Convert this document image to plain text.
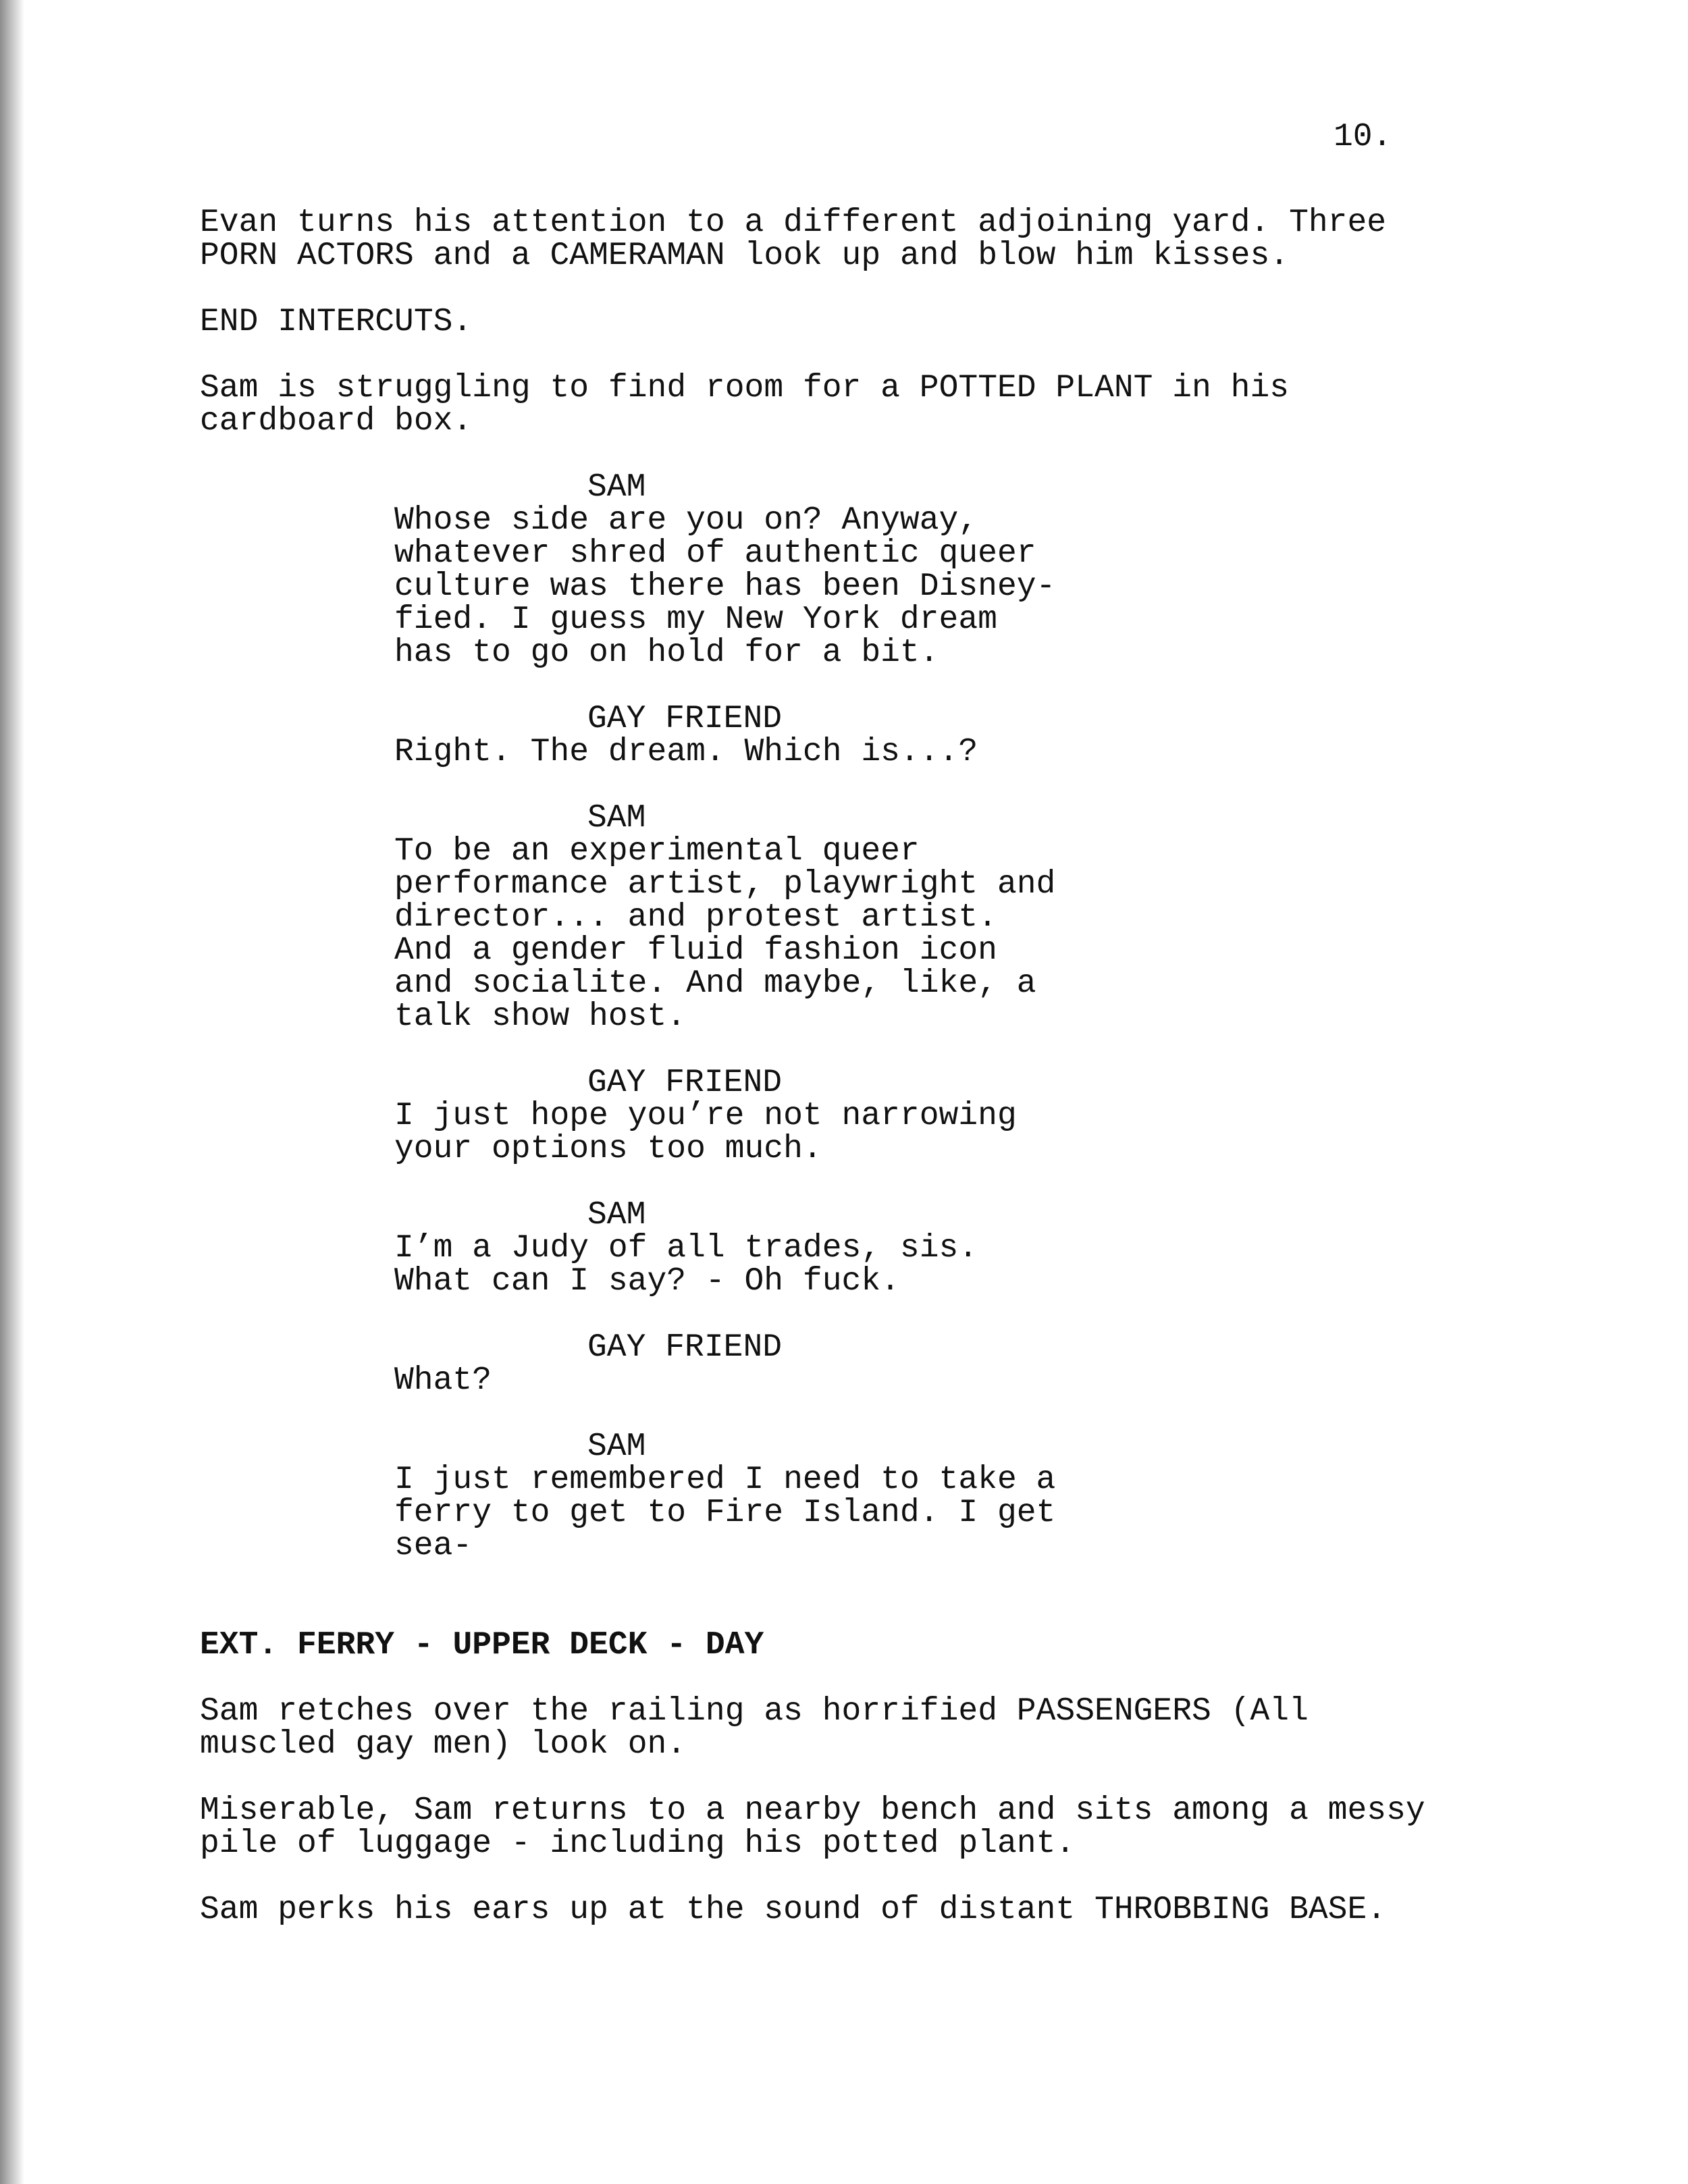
10.
Evan turns his attention to a different adjoining yard. Three
PORN ACTORS and a CAMERAMAN look up and blow him kisses.
END INTERCUTS.
Sam is struggling to find room for a POTTED PLANT in his
cardboard box.
SAM
Whose side are you on? Anyway,
whatever shred of authentic queer
culture was there has been Disney-
fied. I guess my New York dream
has to go on hold for a bit.
GAY FRIEND
Right. The dream. Which is...?
SAM
To be an experimental queer
performance artist, playwright and
director... and protest artist.
And a gender fluid fashion icon
and socialite. And maybe, like, a
talk show host.
GAY FRIEND
I just hope you’re not narrowing
your options too much.
SAM
I’m a Judy of all trades, sis.
What can I say? - Oh fuck.
GAY FRIEND
What?
SAM
I just remembered I need to take a
ferry to get to Fire Island. I get
sea-
EXT. FERRY - UPPER DECK - DAY
Sam retches over the railing as horrified PASSENGERS (All
muscled gay men) look on.
Miserable, Sam returns to a nearby bench and sits among a messy
pile of luggage - including his potted plant.
Sam perks his ears up at the sound of distant THROBBING BASE.
